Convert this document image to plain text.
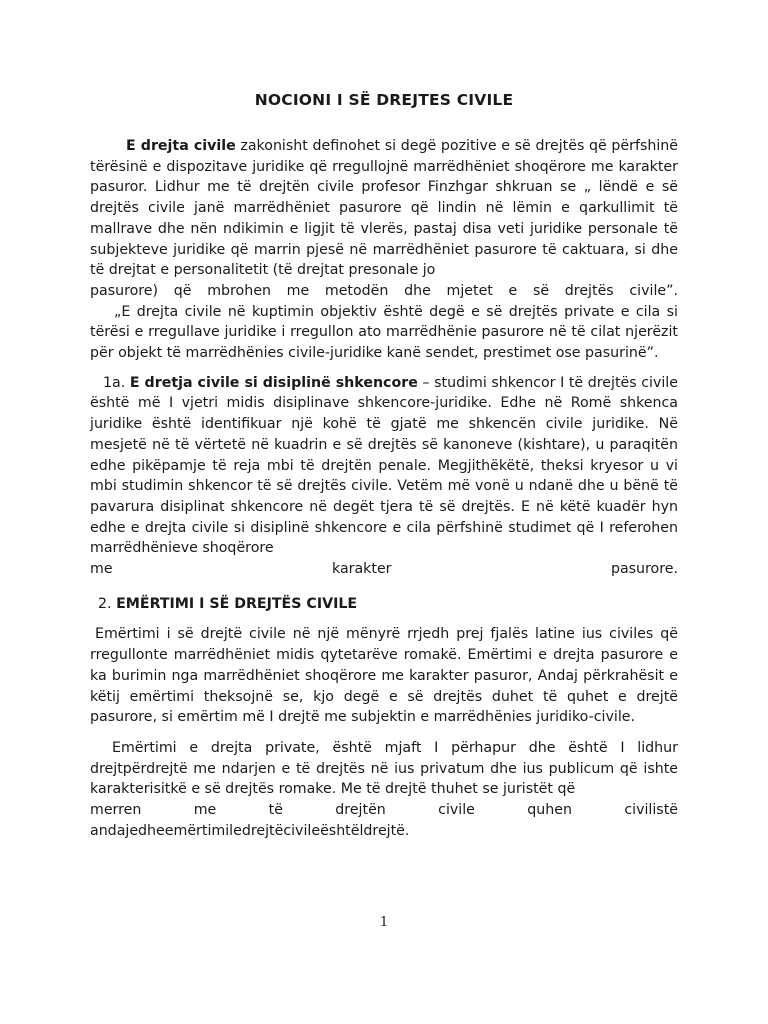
NOCIONI I SË DREJTES CIVILE

E drejta civile zakonisht definohet si degë pozitive e së drejtës që përfshinë tërësinë e dispozitave juridike që rregullojnë marrëdhëniet shoqërore me karakter pasuror. Lidhur me të drejtën civile profesor Finzhgar shkruan se „ lëndë e së drejtës civile janë marrëdhëniet pasurore që lindin në lëmin e qarkullimit të mallrave dhe nën ndikimin e ligjit të vlerës, pastaj disa veti juridike personale të subjekteve juridike që marrin pjesë në marrëdhëniet pasurore të caktuara, si dhe të drejtat e personalitetit (të drejtat presonale jo

pasurore) që mbrohen me metodën dhe mjetet e së drejtës civile”.

„E drejta civile në kuptimin objektiv është degë e së drejtës private e cila si tërësi e rregullave juridike i rregullon ato marrëdhënie pasurore në të cilat njerëzit për objekt të marrëdhënies civile-juridike kanë sendet, prestimet ose pasurinë”.

1a. E dretja civile si disiplinë shkencore – studimi shkencor I të drejtës civile është më I vjetri midis disiplinave shkencore-juridike. Edhe në Romë shkenca juridike është identifikuar një kohë të gjatë me shkencën civile juridike. Në mesjetë në të vërtetë në kuadrin e së drejtës së kanoneve (kishtare), u paraqitën edhe pikëpamje të reja mbi të drejtën penale. Megjithëkëtë, theksi kryesor u vi mbi studimin shkencor të së drejtës civile. Vetëm më vonë u ndanë dhe u bënë të pavarura disiplinat shkencore në degët tjera të së drejtës. E në këtë kuadër hyn edhe e drejta civile si disiplinë shkencore e cila përfshinë studimet që I referohen marrëdhënieve shoqërore

me karakter pasurore.

2. EMËRTIMI I SË DREJTËS CIVILE

Emërtimi i së drejtë civile në një mënyrë rrjedh prej fjalës latine ius civiles që rregullonte marrëdhëniet midis qytetarëve romakë. Emërtimi e drejta pasurore e ka burimin nga marrëdhëniet shoqërore me karakter pasuror, Andaj përkrahësit e këtij emërtimi theksojnë se, kjo degë e së drejtës duhet të quhet e drejtë pasurore, si emërtim më I drejtë me subjektin e marrëdhënies juridiko-civile.

Emërtimi e drejta private, është mjaft I përhapur dhe është I lidhur drejtpërdrejtë me ndarjen e të drejtës në ius privatum dhe ius publicum që ishte karakterisitkë e së drejtës romake. Me të drejtë thuhet se juristët që

merren me të drejtën civile quhen civilistë

andajedheemërtimiledrejtëcivileështëldrejtë.

1
